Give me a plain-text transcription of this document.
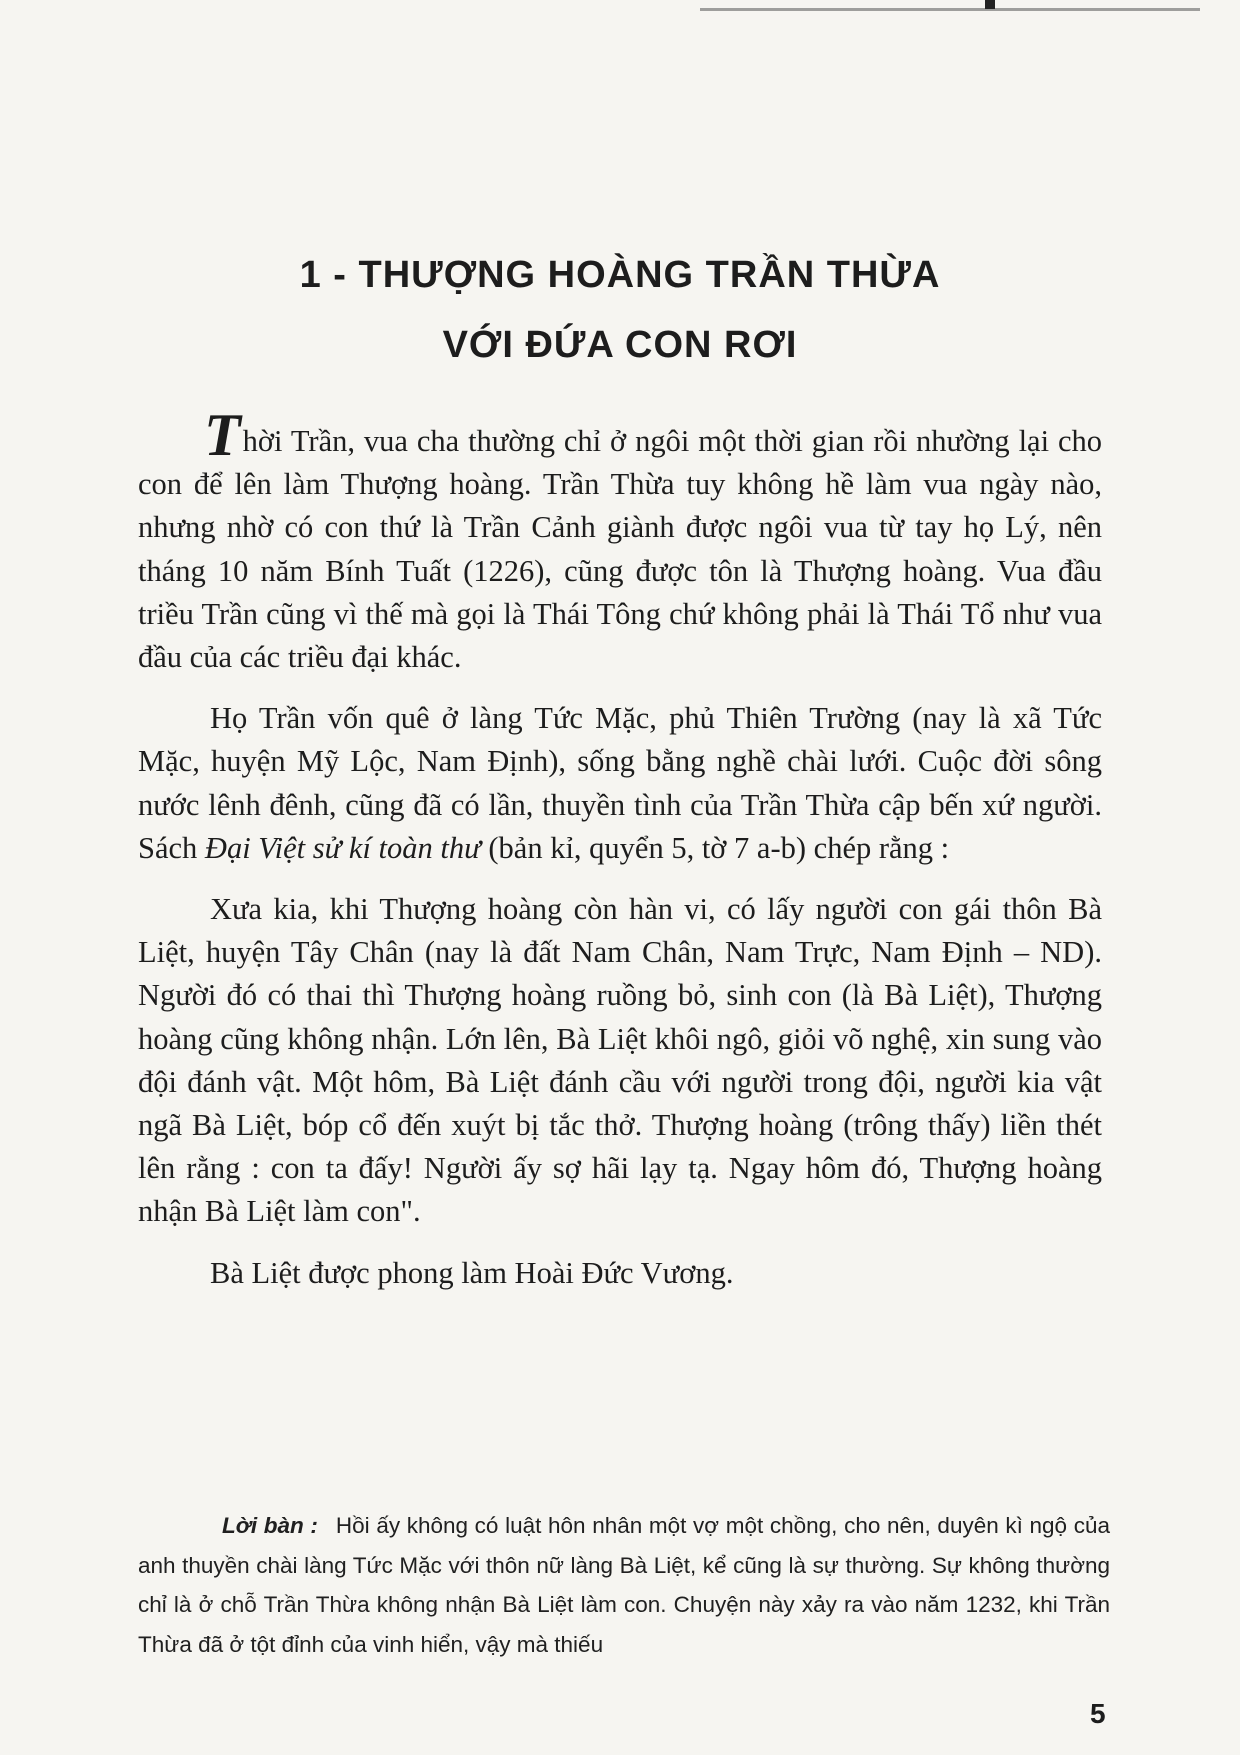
1 - THƯỢNG HOÀNG TRẦN THỪA
VỚI ĐỨA CON RƠI

Thời Trần, vua cha thường chỉ ở ngôi một thời gian rồi nhường lại cho con để lên làm Thượng hoàng. Trần Thừa tuy không hề làm vua ngày nào, nhưng nhờ có con thứ là Trần Cảnh giành được ngôi vua từ tay họ Lý, nên tháng 10 năm Bính Tuất (1226), cũng được tôn là Thượng hoàng. Vua đầu triều Trần cũng vì thế mà gọi là Thái Tông chứ không phải là Thái Tổ như vua đầu của các triều đại khác.

Họ Trần vốn quê ở làng Tức Mặc, phủ Thiên Trường (nay là xã Tức Mặc, huyện Mỹ Lộc, Nam Định), sống bằng nghề chài lưới. Cuộc đời sông nước lênh đênh, cũng đã có lần, thuyền tình của Trần Thừa cập bến xứ người. Sách Đại Việt sử kí toàn thư (bản kỉ, quyển 5, tờ 7 a-b) chép rằng :

Xưa kia, khi Thượng hoàng còn hàn vi, có lấy người con gái thôn Bà Liệt, huyện Tây Chân (nay là đất Nam Chân, Nam Trực, Nam Định – ND). Người đó có thai thì Thượng hoàng ruồng bỏ, sinh con (là Bà Liệt), Thượng hoàng cũng không nhận. Lớn lên, Bà Liệt khôi ngô, giỏi võ nghệ, xin sung vào đội đánh vật. Một hôm, Bà Liệt đánh cầu với người trong đội, người kia vật ngã Bà Liệt, bóp cổ đến xuýt bị tắc thở. Thượng hoàng (trông thấy) liền thét lên rằng : con ta đấy! Người ấy sợ hãi lạy tạ. Ngay hôm đó, Thượng hoàng nhận Bà Liệt làm con".

Bà Liệt được phong làm Hoài Đức Vương.

Lời bàn : Hồi ấy không có luật hôn nhân một vợ một chồng, cho nên, duyên kì ngộ của anh thuyền chài làng Tức Mặc với thôn nữ làng Bà Liệt, kể cũng là sự thường. Sự không thường chỉ là ở chỗ Trần Thừa không nhận Bà Liệt làm con. Chuyện này xảy ra vào năm 1232, khi Trần Thừa đã ở tột đỉnh của vinh hiển, vậy mà thiếu

5
